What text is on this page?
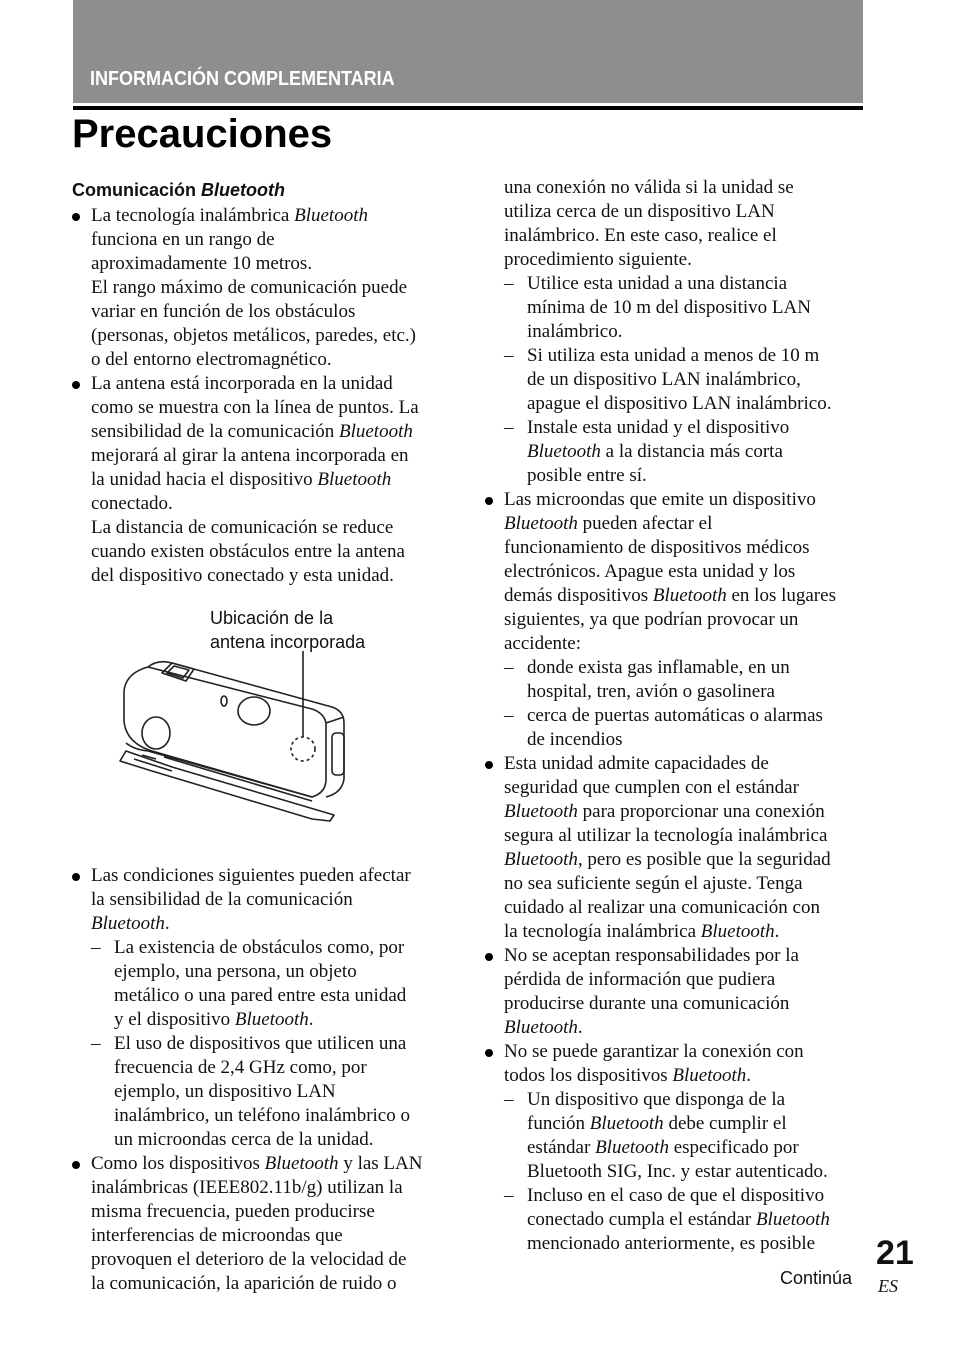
INFORMACIÓN COMPLEMENTARIA
Precauciones

Comunicación Bluetooth

La tecnología inalámbrica Bluetooth
funciona en un rango de
aproximadamente 10 metros.
El rango máximo de comunicación puede
variar en función de los obstáculos
(personas, objetos metálicos, paredes, etc.)
o del entorno electromagnético.
La antena está incorporada en la unidad
como se muestra con la línea de puntos. La
sensibilidad de la comunicación Bluetooth
mejorará al girar la antena incorporada en
la unidad hacia el dispositivo Bluetooth
conectado.
La distancia de comunicación se reduce
cuando existen obstáculos entre la antena
del dispositivo conectado y esta unidad.
Ubicación de la
antena incorporada
Las condiciones siguientes pueden afectar
la sensibilidad de la comunicación
Bluetooth.
– La existencia de obstáculos como, por
ejemplo, una persona, un objeto
metálico o una pared entre esta unidad
y el dispositivo Bluetooth.
– El uso de dispositivos que utilicen una
frecuencia de 2,4 GHz como, por
ejemplo, un dispositivo LAN
inalámbrico, un teléfono inalámbrico o
un microondas cerca de la unidad.
Como los dispositivos Bluetooth y las LAN
inalámbricas (IEEE802.11b/g) utilizan la
misma frecuencia, pueden producirse
interferencias de microondas que
provoquen el deterioro de la velocidad de
la comunicación, la aparición de ruido o
una conexión no válida si la unidad se
utiliza cerca de un dispositivo LAN
inalámbrico. En este caso, realice el
procedimiento siguiente.
– Utilice esta unidad a una distancia
mínima de 10 m del dispositivo LAN
inalámbrico.
– Si utiliza esta unidad a menos de 10 m
de un dispositivo LAN inalámbrico,
apague el dispositivo LAN inalámbrico.
– Instale esta unidad y el dispositivo
Bluetooth a la distancia más corta
posible entre sí.
Las microondas que emite un dispositivo
Bluetooth pueden afectar el
funcionamiento de dispositivos médicos
electrónicos. Apague esta unidad y los
demás dispositivos Bluetooth en los lugares
siguientes, ya que podrían provocar un
accidente:
– donde exista gas inflamable, en un
hospital, tren, avión o gasolinera
– cerca de puertas automáticas o alarmas
de incendios
Esta unidad admite capacidades de
seguridad que cumplen con el estándar
Bluetooth para proporcionar una conexión
segura al utilizar la tecnología inalámbrica
Bluetooth, pero es posible que la seguridad
no sea suficiente según el ajuste. Tenga
cuidado al realizar una comunicación con
la tecnología inalámbrica Bluetooth.
No se aceptan responsabilidades por la
pérdida de información que pudiera
producirse durante una comunicación
Bluetooth.
No se puede garantizar la conexión con
todos los dispositivos Bluetooth.
– Un dispositivo que disponga de la
función Bluetooth debe cumplir el
estándar Bluetooth especificado por
Bluetooth SIG, Inc. y estar autenticado.
– Incluso en el caso de que el dispositivo
conectado cumpla el estándar Bluetooth
mencionado anteriormente, es posible
Continúa
21
ES
